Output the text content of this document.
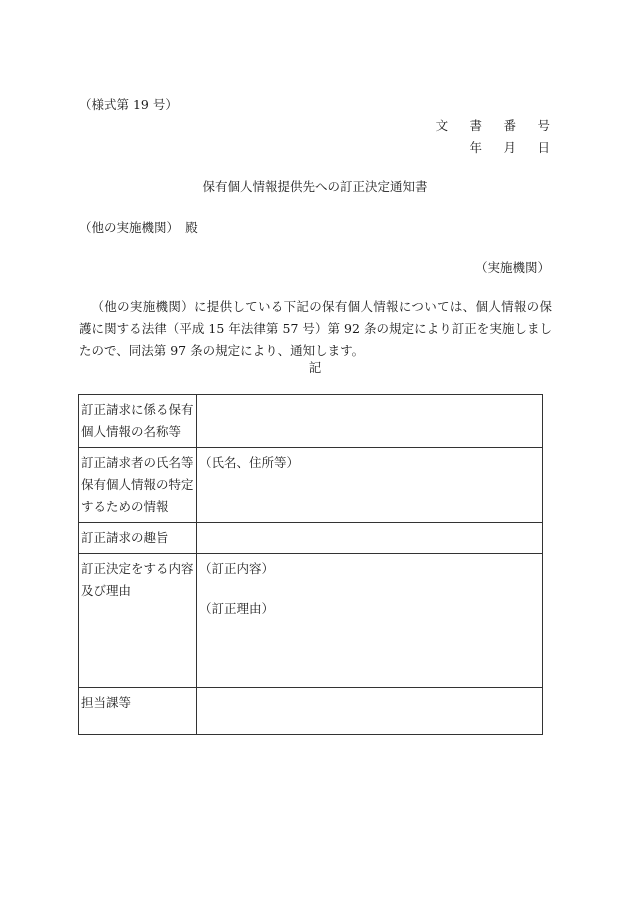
（様式第 19 号）
文 書 番 号
年 月 日
保有個人情報提供先への訂正決定通知書
（他の実施機関）　殿
（実施機関）
（他の実施機関）に提供している下記の保有個人情報については、個人情報の保護に関する法律（平成 15 年法律第 57 号）第 92 条の規定により訂正を実施しましたので、同法第 97 条の規定により、通知します。
記
訂正請求に係る保有個人情報の名称等	
訂正請求者の氏名等保有個人情報の特定するための情報	（氏名、住所等）
訂正請求の趣旨	
訂正決定をする内容及び理由	（訂正内容）
（訂正理由）

担当課等	
